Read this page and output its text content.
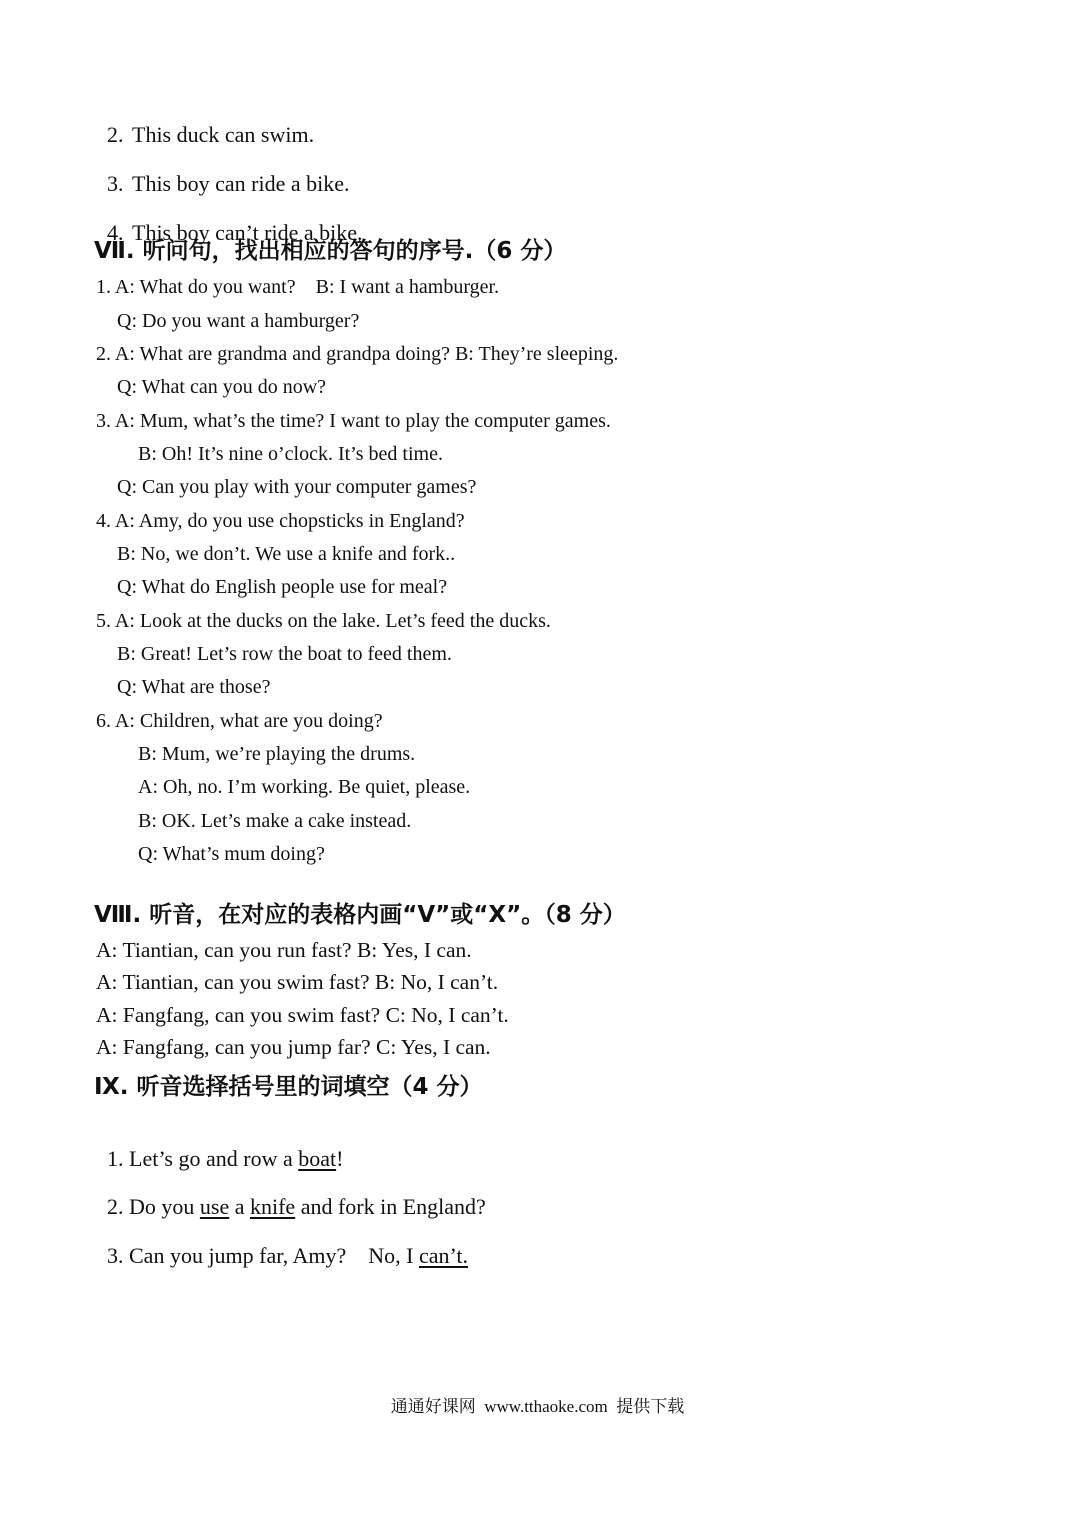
2. This duck can swim.

3. This boy can ride a bike.

4. This boy can’t ride a bike.

Ⅶ. 听问句，找出相应的答句的序号.（6 分）
1. A: What do you want?    B: I want a hamburger.
Q: Do you want a hamburger?
2. A: What are grandma and grandpa doing? B: They’re sleeping.
Q: What can you do now?
3. A: Mum, what’s the time? I want to play the computer games.
B: Oh! It’s nine o’clock. It’s bed time.
Q: Can you play with your computer games?
4. A: Amy, do you use chopsticks in England?
B: No, we don’t. We use a knife and fork..
Q: What do English people use for meal?
5. A: Look at the ducks on the lake. Let’s feed the ducks.
B: Great! Let’s row the boat to feed them.
Q: What are those?
6. A: Children, what are you doing?
B: Mum, we’re playing the drums.
A: Oh, no. I’m working. Be quiet, please.
B: OK. Let’s make a cake instead.
Q: What’s mum doing?
Ⅷ. 听音，在对应的表格内画“V”或“X”。（8 分）
A: Tiantian, can you run fast? B: Yes, I can.
A: Tiantian, can you swim fast? B: No, I can’t.
A: Fangfang, can you swim fast? C: No, I can’t.
A: Fangfang, can you jump far? C: Yes, I can.
Ⅸ. 听音选择括号里的词填空（4 分）

1. Let’s go and row a boat!

2. Do you use a knife and fork in England?

3. Can you jump far, Amy?    No, I can’t.

通通好课网  www.tthaoke.com  提供下载
